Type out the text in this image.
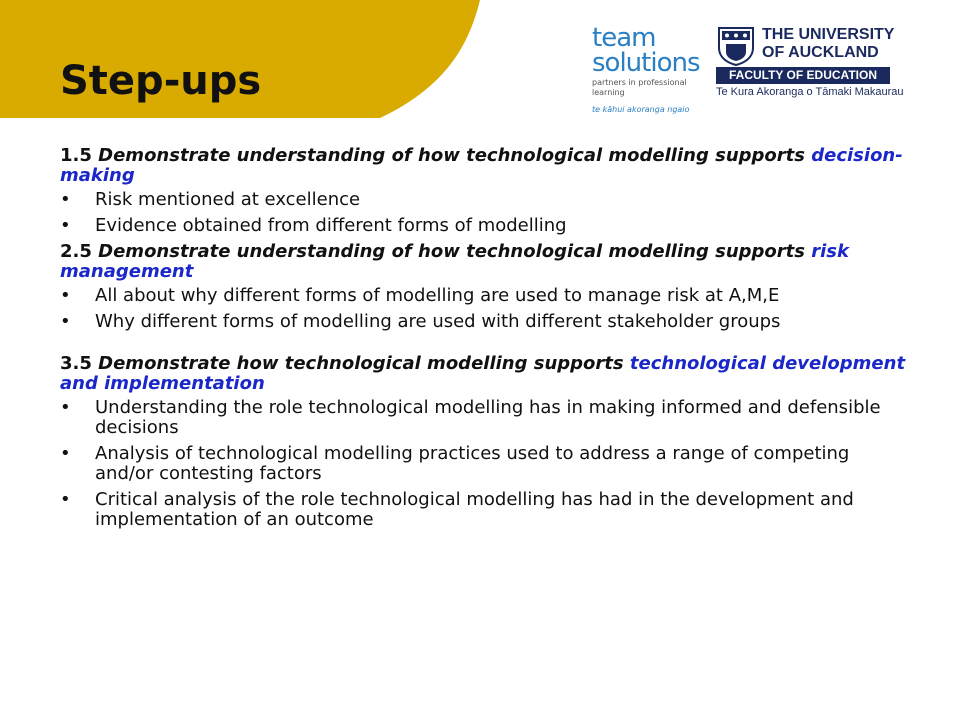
Step-ups
team
solutions
partners in professional learning
te kāhui akoranga ngaio
THE UNIVERSITY
OF AUCKLAND
FACULTY OF EDUCATION
Te Kura Akoranga o Tāmaki Makaurau
1.5 Demonstrate understanding of how technological modelling supports decision-making
• Risk mentioned at excellence
• Evidence obtained from different forms of modelling
2.5 Demonstrate understanding of how technological modelling supports risk management
• All about why different forms of modelling are used to manage risk at A,M,E
• Why different forms of modelling are used with different stakeholder groups
3.5 Demonstrate how technological modelling supports technological development and implementation
• Understanding the role technological modelling has in making informed and defensible decisions
• Analysis of technological modelling practices used to address a range of competing and/or contesting factors
• Critical analysis of the role technological modelling has had in the development and implementation of an outcome
